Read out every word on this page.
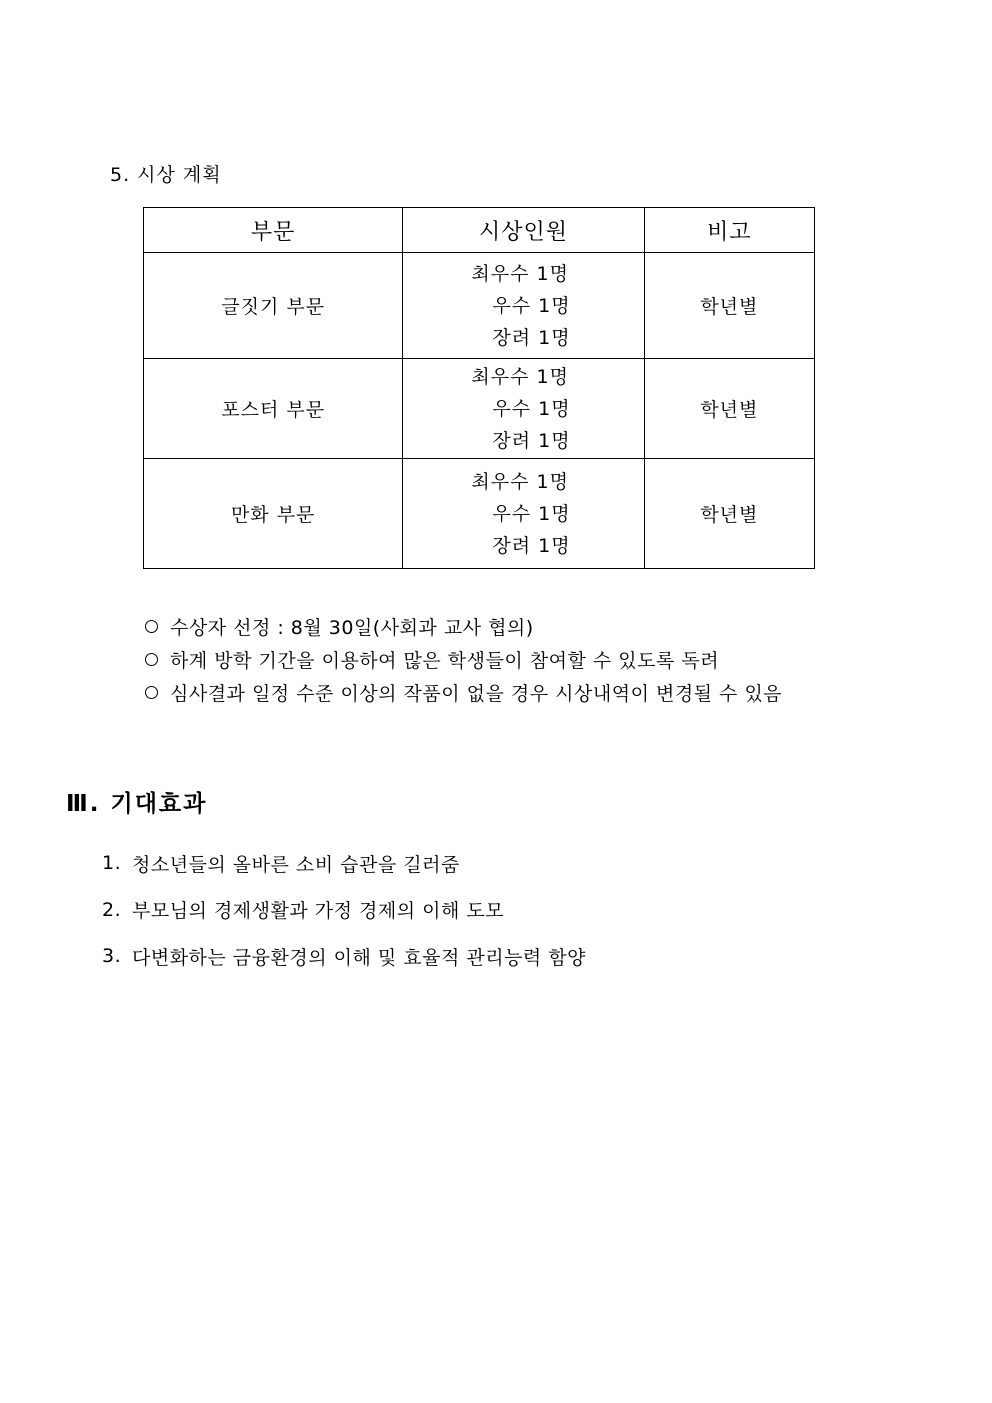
5. 시상 계획
부문	시상인원	비고
글짓기 부문	최우수 1명
우수 1명
장려 1명	학년별
포스터 부문	최우수 1명
우수 1명
장려 1명	학년별
만화 부문	최우수 1명
우수 1명
장려 1명	학년별
수상자 선정 : 8월 30일(사회과 교사 협의)
하계 방학 기간을 이용하여 많은 학생들이 참여할 수 있도록 독려
심사결과 일정 수준 이상의 작품이 없을 경우 시상내역이 변경될 수 있음
Ⅲ. 기대효과
1. 청소년들의 올바른 소비 습관을 길러줌
2. 부모님의 경제생활과 가정 경제의 이해 도모
3. 다변화하는 금융환경의 이해 및 효율적 관리능력 함양
